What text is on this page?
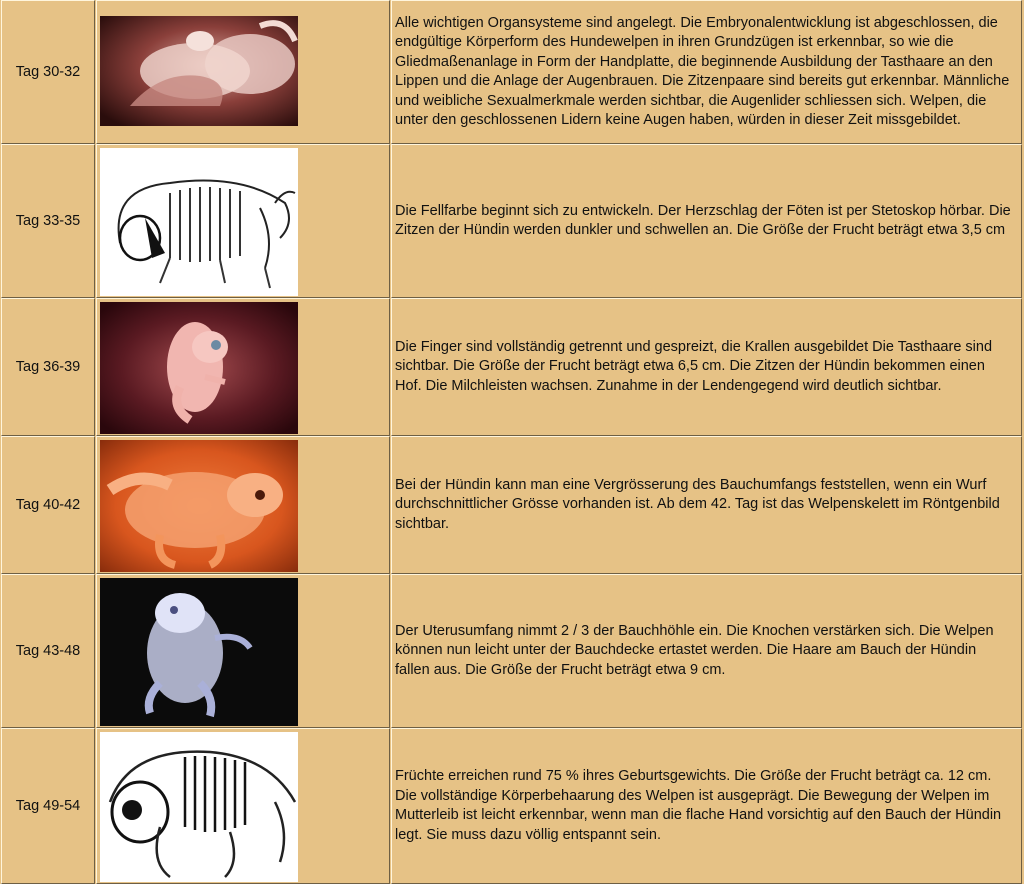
Tag 30-32
Alle wichtigen Organsysteme sind angelegt. Die Embryonalentwicklung ist abgeschlossen, die endgültige Körperform des Hundewelpen in ihren Grundzügen ist erkennbar, so wie die Gliedmaßenanlage in Form der Handplatte, die beginnende Ausbildung der Tasthaare an den Lippen und die Anlage der Augenbrauen. Die Zitzenpaare sind bereits gut erkennbar. Männliche und weibliche Sexualmerkmale werden sichtbar, die Augenlider schliessen sich. Welpen, die unter den geschlossenen Lidern keine Augen haben, würden in dieser Zeit missgebildet.
Tag 33-35
Die Fellfarbe beginnt sich zu entwickeln. Der Herzschlag der Föten ist per Stetoskop hörbar. Die Zitzen der Hündin werden dunkler und schwellen an. Die Größe der Frucht beträgt etwa 3,5 cm
Tag 36-39
Die Finger sind vollständig getrennt und gespreizt, die Krallen ausgebildet Die Tasthaare sind sichtbar. Die Größe der Frucht beträgt etwa 6,5 cm. Die Zitzen der Hündin bekommen einen Hof. Die Milchleisten wachsen. Zunahme in der Lendengegend wird deutlich sichtbar.
Tag 40-42
Bei der Hündin kann man eine Vergrösserung des Bauchumfangs feststellen, wenn ein Wurf durchschnittlicher Grösse vorhanden ist. Ab dem 42. Tag ist das Welpenskelett im Röntgenbild sichtbar.
Tag 43-48
Der Uterusumfang nimmt 2 / 3 der Bauchhöhle ein. Die Knochen verstärken sich. Die Welpen können nun leicht unter der Bauchdecke ertastet werden. Die Haare am Bauch der Hündin fallen aus. Die Größe der Frucht beträgt etwa 9 cm.
Tag 49-54
Früchte erreichen rund 75 % ihres Geburtsgewichts. Die Größe der Frucht beträgt ca. 12 cm. Die vollständige Körperbehaarung des Welpen ist ausgeprägt. Die Bewegung der Welpen im Mutterleib ist leicht erkennbar, wenn man die flache Hand vorsichtig auf den Bauch der Hündin legt. Sie muss dazu völlig entspannt sein.
